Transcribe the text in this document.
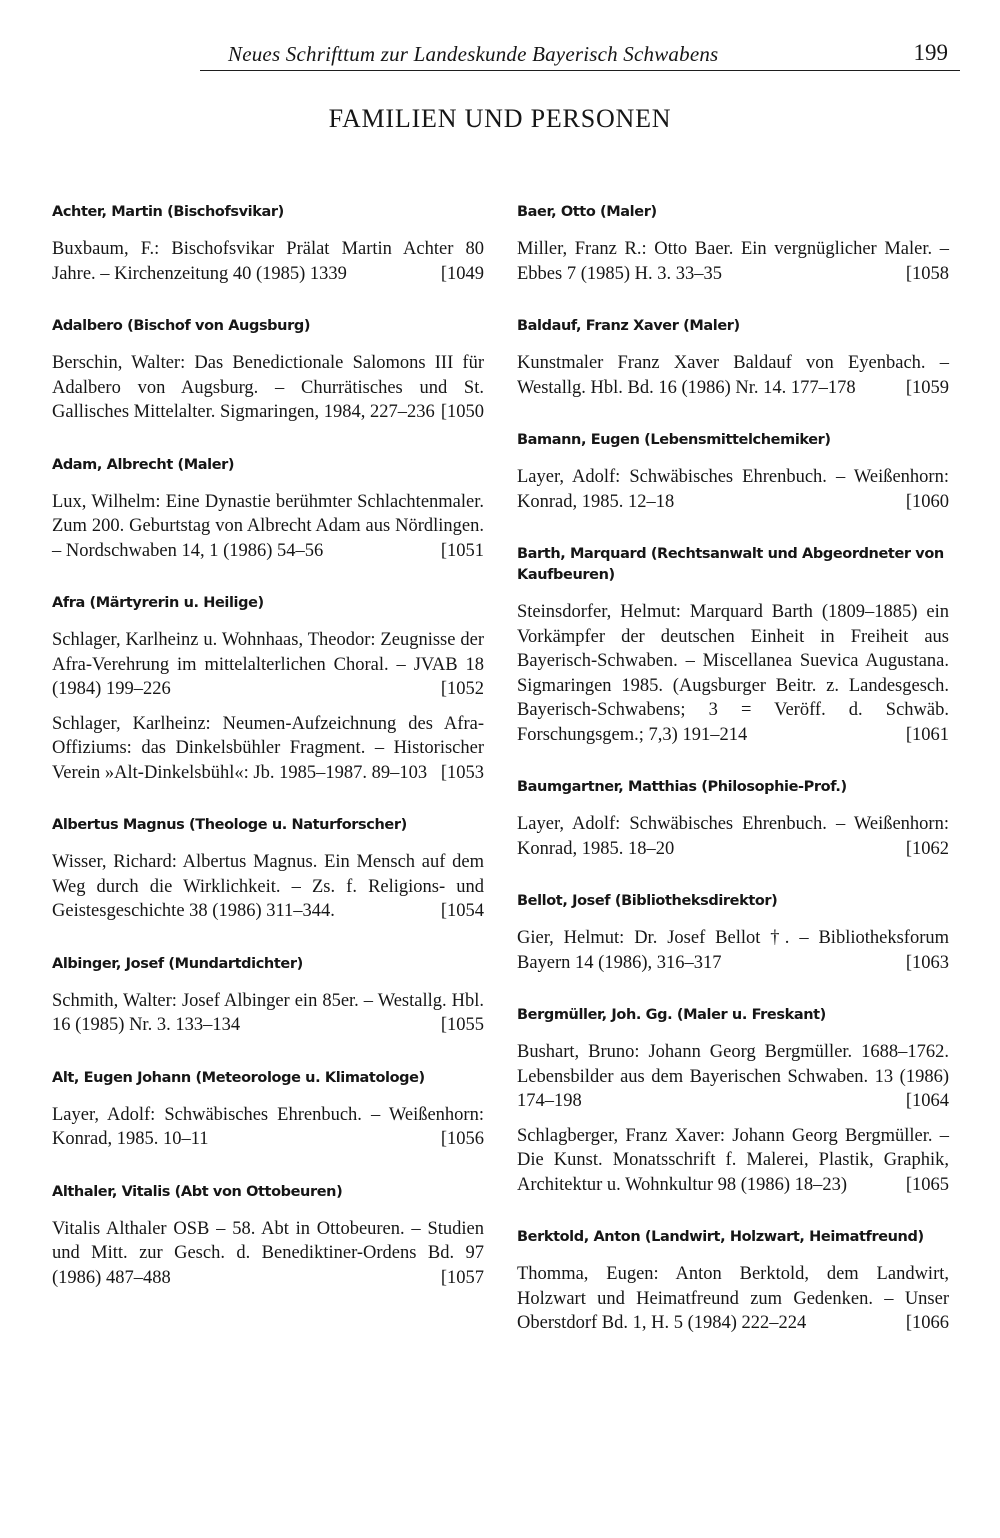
Neues Schrifttum zur Landeskunde Bayerisch Schwabens	199
FAMILIEN UND PERSONEN
Achter, Martin (Bischofsvikar)

Buxbaum, F.: Bischofsvikar Prälat Martin Achter 80 Jahre. – Kirchenzeitung 40 (1985) 1339	[1049

Adalbero (Bischof von Augsburg)

Berschin, Walter: Das Benedictionale Salomons III für Adalbero von Augsburg. – Churrätisches und St. Gallisches Mittelalter. Sigmaringen, 1984, 227–236 [1050

Adam, Albrecht (Maler)

Lux, Wilhelm: Eine Dynastie berühmter Schlachtenmaler. Zum 200. Geburtstag von Albrecht Adam aus Nördlingen. – Nordschwaben 14, 1 (1986) 54–56	[1051

Afra (Märtyrerin u. Heilige)

Schlager, Karlheinz u. Wohnhaas, Theodor: Zeugnisse der Afra-Verehrung im mittelalterlichen Choral. – JVAB 18 (1984) 199–226	[1052

Schlager, Karlheinz: Neumen-Aufzeichnung des Afra-Offiziums: das Dinkelsbühler Fragment. – Historischer Verein »Alt-Dinkelsbühl«: Jb. 1985–1987. 89–103 [1053

Albertus Magnus (Theologe u. Naturforscher)

Wisser, Richard: Albertus Magnus. Ein Mensch auf dem Weg durch die Wirklichkeit. – Zs. f. Religions- und Geistesgeschichte 38 (1986) 311–344.	[1054

Albinger, Josef (Mundartdichter)

Schmith, Walter: Josef Albinger ein 85er. – Westallg. Hbl. 16 (1985) Nr. 3. 133–134	[1055

Alt, Eugen Johann (Meteorologe u. Klimatologe)

Layer, Adolf: Schwäbisches Ehrenbuch. – Weißenhorn: Konrad, 1985. 10–11	[1056

Althaler, Vitalis (Abt von Ottobeuren)

Vitalis Althaler OSB – 58. Abt in Ottobeuren. – Studien und Mitt. zur Gesch. d. Benediktiner-Ordens Bd. 97 (1986) 487–488	[1057

Baer, Otto (Maler)

Miller, Franz R.: Otto Baer. Ein vergnüglicher Maler. – Ebbes 7 (1985) H. 3. 33–35	[1058

Baldauf, Franz Xaver (Maler)

Kunstmaler Franz Xaver Baldauf von Eyenbach. – Westallg. Hbl. Bd. 16 (1986) Nr. 14. 177–178	[1059

Bamann, Eugen (Lebensmittelchemiker)

Layer, Adolf: Schwäbisches Ehrenbuch. – Weißenhorn: Konrad, 1985. 12–18	[1060

Barth, Marquard (Rechtsanwalt und Abgeordneter von Kaufbeuren)

Steinsdorfer, Helmut: Marquard Barth (1809–1885) ein Vorkämpfer der deutschen Einheit in Freiheit aus Bayerisch-Schwaben. – Miscellanea Suevica Augustana. Sigmaringen 1985. (Augsburger Beitr. z. Landesgesch. Bayerisch-Schwabens; 3 = Veröff. d. Schwäb. Forschungsgem.; 7,3) 191–214	[1061

Baumgartner, Matthias (Philosophie-Prof.)

Layer, Adolf: Schwäbisches Ehrenbuch. – Weißenhorn: Konrad, 1985. 18–20	[1062

Bellot, Josef (Bibliotheksdirektor)

Gier, Helmut: Dr. Josef Bellot †. – Bibliotheksforum Bayern 14 (1986), 316–317	[1063

Bergmüller, Joh. Gg. (Maler u. Freskant)

Bushart, Bruno: Johann Georg Bergmüller. 1688–1762. Lebensbilder aus dem Bayerischen Schwaben. 13 (1986) 174–198	[1064

Schlagberger, Franz Xaver: Johann Georg Bergmüller. – Die Kunst. Monatsschrift f. Malerei, Plastik, Graphik, Architektur u. Wohnkultur 98 (1986) 18–23)	[1065

Berktold, Anton (Landwirt, Holzwart, Heimatfreund)

Thomma, Eugen: Anton Berktold, dem Landwirt, Holzwart und Heimatfreund zum Gedenken. – Unser Oberstdorf Bd. 1, H. 5 (1984) 222–224	[1066
